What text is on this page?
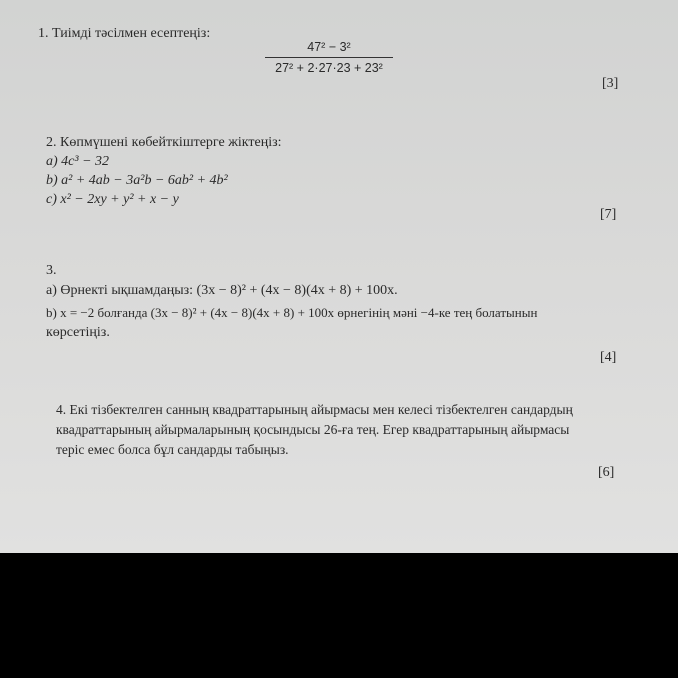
1. Тиімді тәсілмен есептеңіз:
47² − 3²
27² + 2·27·23 + 23²
[3]
2. Көпмүшені көбейткіштерге жіктеңіз:
a) 4c³ − 32
b) a² + 4ab − 3a²b − 6ab² + 4b²
c) x² − 2xy + y² + x − y
[7]
3.
а) Өрнекті ықшамдаңыз: (3x − 8)² + (4x − 8)(4x + 8) + 100x.
b) x = −2 болғанда (3x − 8)² + (4x − 8)(4x + 8) + 100x өрнегінің мәні −4-ке тең болатынын
көрсетіңіз.
[4]
4. Екі тізбектелген санның квадраттарының айырмасы мен келесі тізбектелген сандардың
квадраттарының айырмаларының қосындысы 26-ға тең. Егер квадраттарының айырмасы
теріс емес болса бұл сандарды табыңыз.
[6]
